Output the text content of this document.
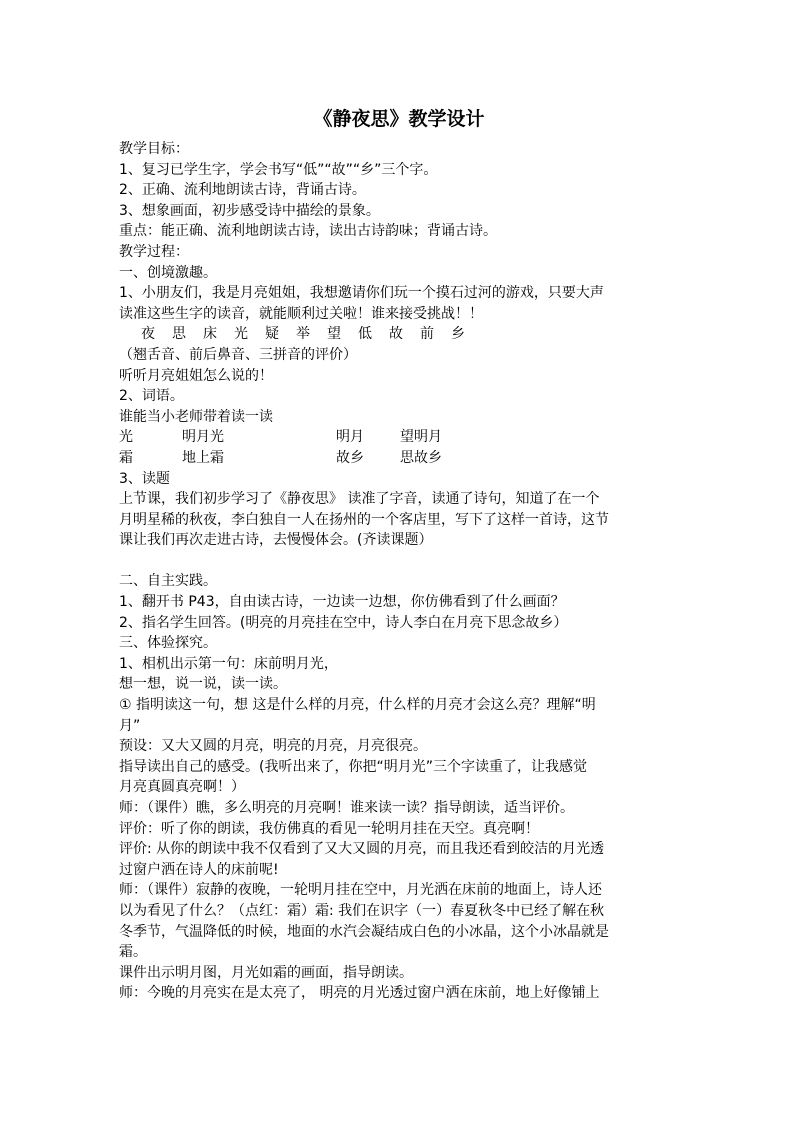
《静夜思》教学设计
教学目标：
1、复习已学生字，学会书写“低”“故”“乡”三个字。
2、正确、流利地朗读古诗，背诵古诗。
3、想象画面，初步感受诗中描绘的景象。
重点：能正确、流利地朗读古诗，读出古诗韵味；背诵古诗。
教学过程：
一、创境激趣。
1、小朋友们，我是月亮姐姐，我想邀请你们玩一个摸石过河的游戏，只要大声
读准这些生字的读音，就能顺利过关啦！谁来接受挑战！！
夜 思 床 光 疑 举 望 低 故 前 乡
（翘舌音、前后鼻音、三拼音的评价）
听听月亮姐姐怎么说的！
2、词语。
谁能当小老师带着读一读
光	明月光	明月	望明月
霜	地上霜	故乡	思故乡
3、读题
上节课，我们初步学习了《静夜思》 读准了字音，读通了诗句，知道了在一个
月明星稀的秋夜，李白独自一人在扬州的一个客店里，写下了这样一首诗，这节
课让我们再次走进古诗，去慢慢体会。(齐读课题）
二、自主实践。
1、翻开书 P43，自由读古诗，一边读一边想，你仿佛看到了什么画面？
2、指名学生回答。(明亮的月亮挂在空中，诗人李白在月亮下思念故乡）
三、体验探究。
1、相机出示第一句：床前明月光，
想一想，说一说，读一读。
① 指明读这一句，想 这是什么样的月亮，什么样的月亮才会这么亮？理解“明
月”
预设：又大又圆的月亮，明亮的月亮，月亮很亮。
指导读出自己的感受。(我听出来了，你把“明月光”三个字读重了，让我感觉
月亮真圆真亮啊！）
师：（课件）瞧，多么明亮的月亮啊！谁来读一读？指导朗读，适当评价。
评价：听了你的朗读，我仿佛真的看见一轮明月挂在天空。真亮啊！
评价: 从你的朗读中我不仅看到了又大又圆的月亮，而且我还看到皎洁的月光透
过窗户洒在诗人的床前呢!
师：（课件）寂静的夜晚，一轮明月挂在空中，月光洒在床前的地面上，诗人还
以为看见了什么？（点红：霜）霜: 我们在识字（一）春夏秋冬中已经了解在秋
冬季节，气温降低的时候，地面的水汽会凝结成白色的小冰晶，这个小冰晶就是
霜。
课件出示明月图，月光如霜的画面，指导朗读。
师：今晚的月亮实在是太亮了， 明亮的月光透过窗户洒在床前，地上好像铺上
